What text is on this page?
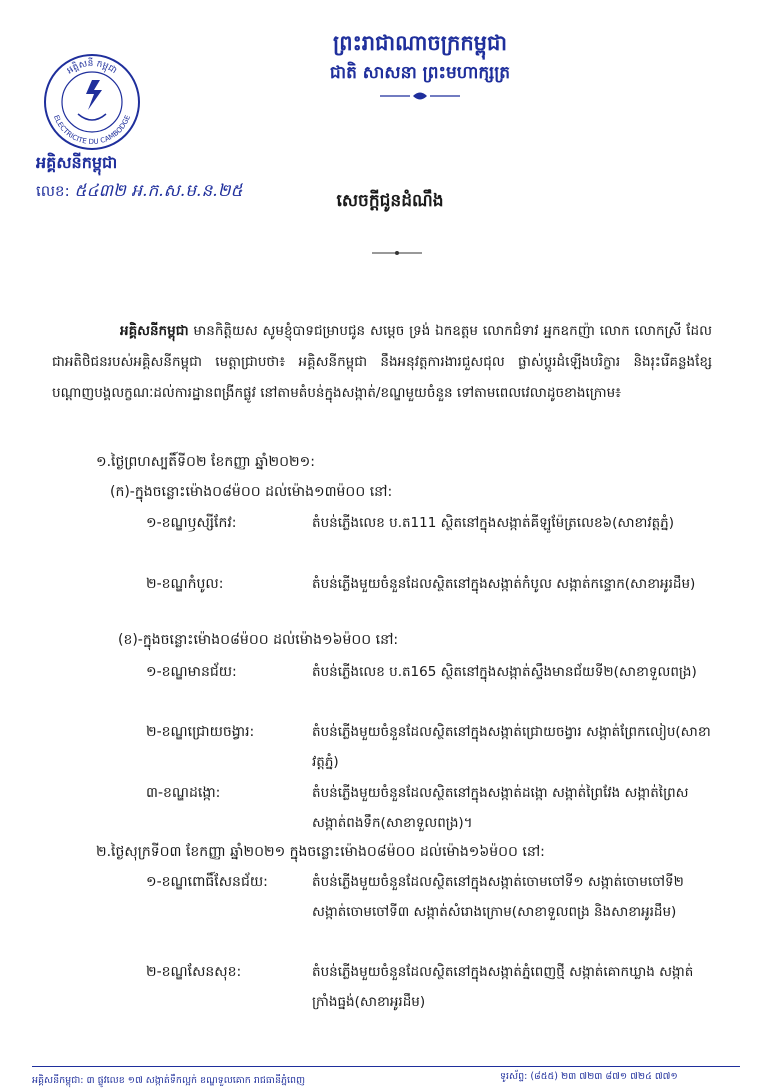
ព្រះរាជាណាចក្រកម្ពុជា
ជាតិ សាសនា ព្រះមហាក្សត្រ
អគ្គិសនី កម្ពុជា
ELECTRICITE DU CAMBODGE
អគ្គិសនីកម្ពុជា
លេខ: ៥៤៣២ អ.ក.ស.ម.ន.២៥	សេចក្តីជូនដំណឹង
អគ្គិសនីកម្ពុជា មានកិត្តិយស សូមខ្ញុំបាទជម្រាបជូន សម្តេច ទ្រង់ ឯកឧត្តម លោកជំទាវ អ្នកឧកញ៉ា លោក លោកស្រី ដែលជាអតិថិជនរបស់អគ្គិសនីកម្ពុជា មេត្តាជ្រាបថា៖ អគ្គិសនីកម្ពុជា នឹងអនុវត្តការងារជួសជុល ផ្លាស់ប្តូរដំឡើងបរិក្ខារ និងរុះរើគន្លងខ្សែបណ្តាញបង្គលក្ខណៈដល់ការដ្ឋានពង្រីកផ្លូវ នៅតាមតំបន់ក្នុងសង្កាត់/ខណ្ឌមួយចំនួន ទៅតាមពេលវេលាដូចខាងក្រោម៖
១.ថ្ងៃព្រហស្បតិ៍ទី០២ ខែកញ្ញា ឆ្នាំ២០២១:
(ក)-ក្នុងចន្លោះម៉ោង០៨ម៉០០ ដល់ម៉ោង១៣ម៉០០ នៅ:
១-ខណ្ឌឫស្សីកែវ:	តំបន់ភ្លើងលេខ ប.ត111 ស្ថិតនៅក្នុងសង្កាត់គីឡូម៉ែត្រលេខ៦(សាខាវត្តភ្នំ)
២-ខណ្ឌកំបូល:	តំបន់ភ្លើងមួយចំនួនដែលស្ថិតនៅក្នុងសង្កាត់កំបូល សង្កាត់កន្ទោក(សាខាអូរដឹម)
(ខ)-ក្នុងចន្លោះម៉ោង០៨ម៉០០ ដល់ម៉ោង១៦ម៉០០ នៅ:
១-ខណ្ឌមានជ័យ:	តំបន់ភ្លើងលេខ ប.ត165 ស្ថិតនៅក្នុងសង្កាត់ស្ទឹងមានជ័យទី២(សាខាទួលពង្រ)
២-ខណ្ឌជ្រោយចង្វារ:	តំបន់ភ្លើងមួយចំនួនដែលស្ថិតនៅក្នុងសង្កាត់ជ្រោយចង្វារ សង្កាត់ព្រែកលៀប(សាខាវត្តភ្នំ)
៣-ខណ្ឌដង្កោ:	តំបន់ភ្លើងមួយចំនួនដែលស្ថិតនៅក្នុងសង្កាត់ដង្កោ សង្កាត់ព្រៃវែង សង្កាត់ព្រៃស សង្កាត់ពងទឹក(សាខាទួលពង្រ)។
២.ថ្ងៃសុក្រទី០៣ ខែកញ្ញា ឆ្នាំ២០២១ ក្នុងចន្លោះម៉ោង០៨ម៉០០ ដល់ម៉ោង១៦ម៉០០ នៅ:
១-ខណ្ឌពោធិ៍សែនជ័យ:	តំបន់ភ្លើងមួយចំនួនដែលស្ថិតនៅក្នុងសង្កាត់ចោមចៅទី១ សង្កាត់ចោមចៅទី២ សង្កាត់ចោមចៅទី៣ សង្កាត់សំរោងក្រោម(សាខាទួលពង្រ និងសាខាអូរដឹម)
២-ខណ្ឌសែនសុខ:	តំបន់ភ្លើងមួយចំនួនដែលស្ថិតនៅក្នុងសង្កាត់ភ្នំពេញថ្មី សង្កាត់គោកឃ្លាង សង្កាត់ក្រាំងធ្នង់(សាខាអូរដឹម)
អគ្គិសនីកម្ពុជា: ៣ ផ្លូវលេខ ១៧ សង្កាត់ទឹកល្អក់ ខណ្ឌទួលគោក រាជធានីភ្នំពេញ	ទូរស័ព្ទ: (៨៥៥) ២៣ ៧២៣ ៨៧១ ៧២៤ ៧៧១
